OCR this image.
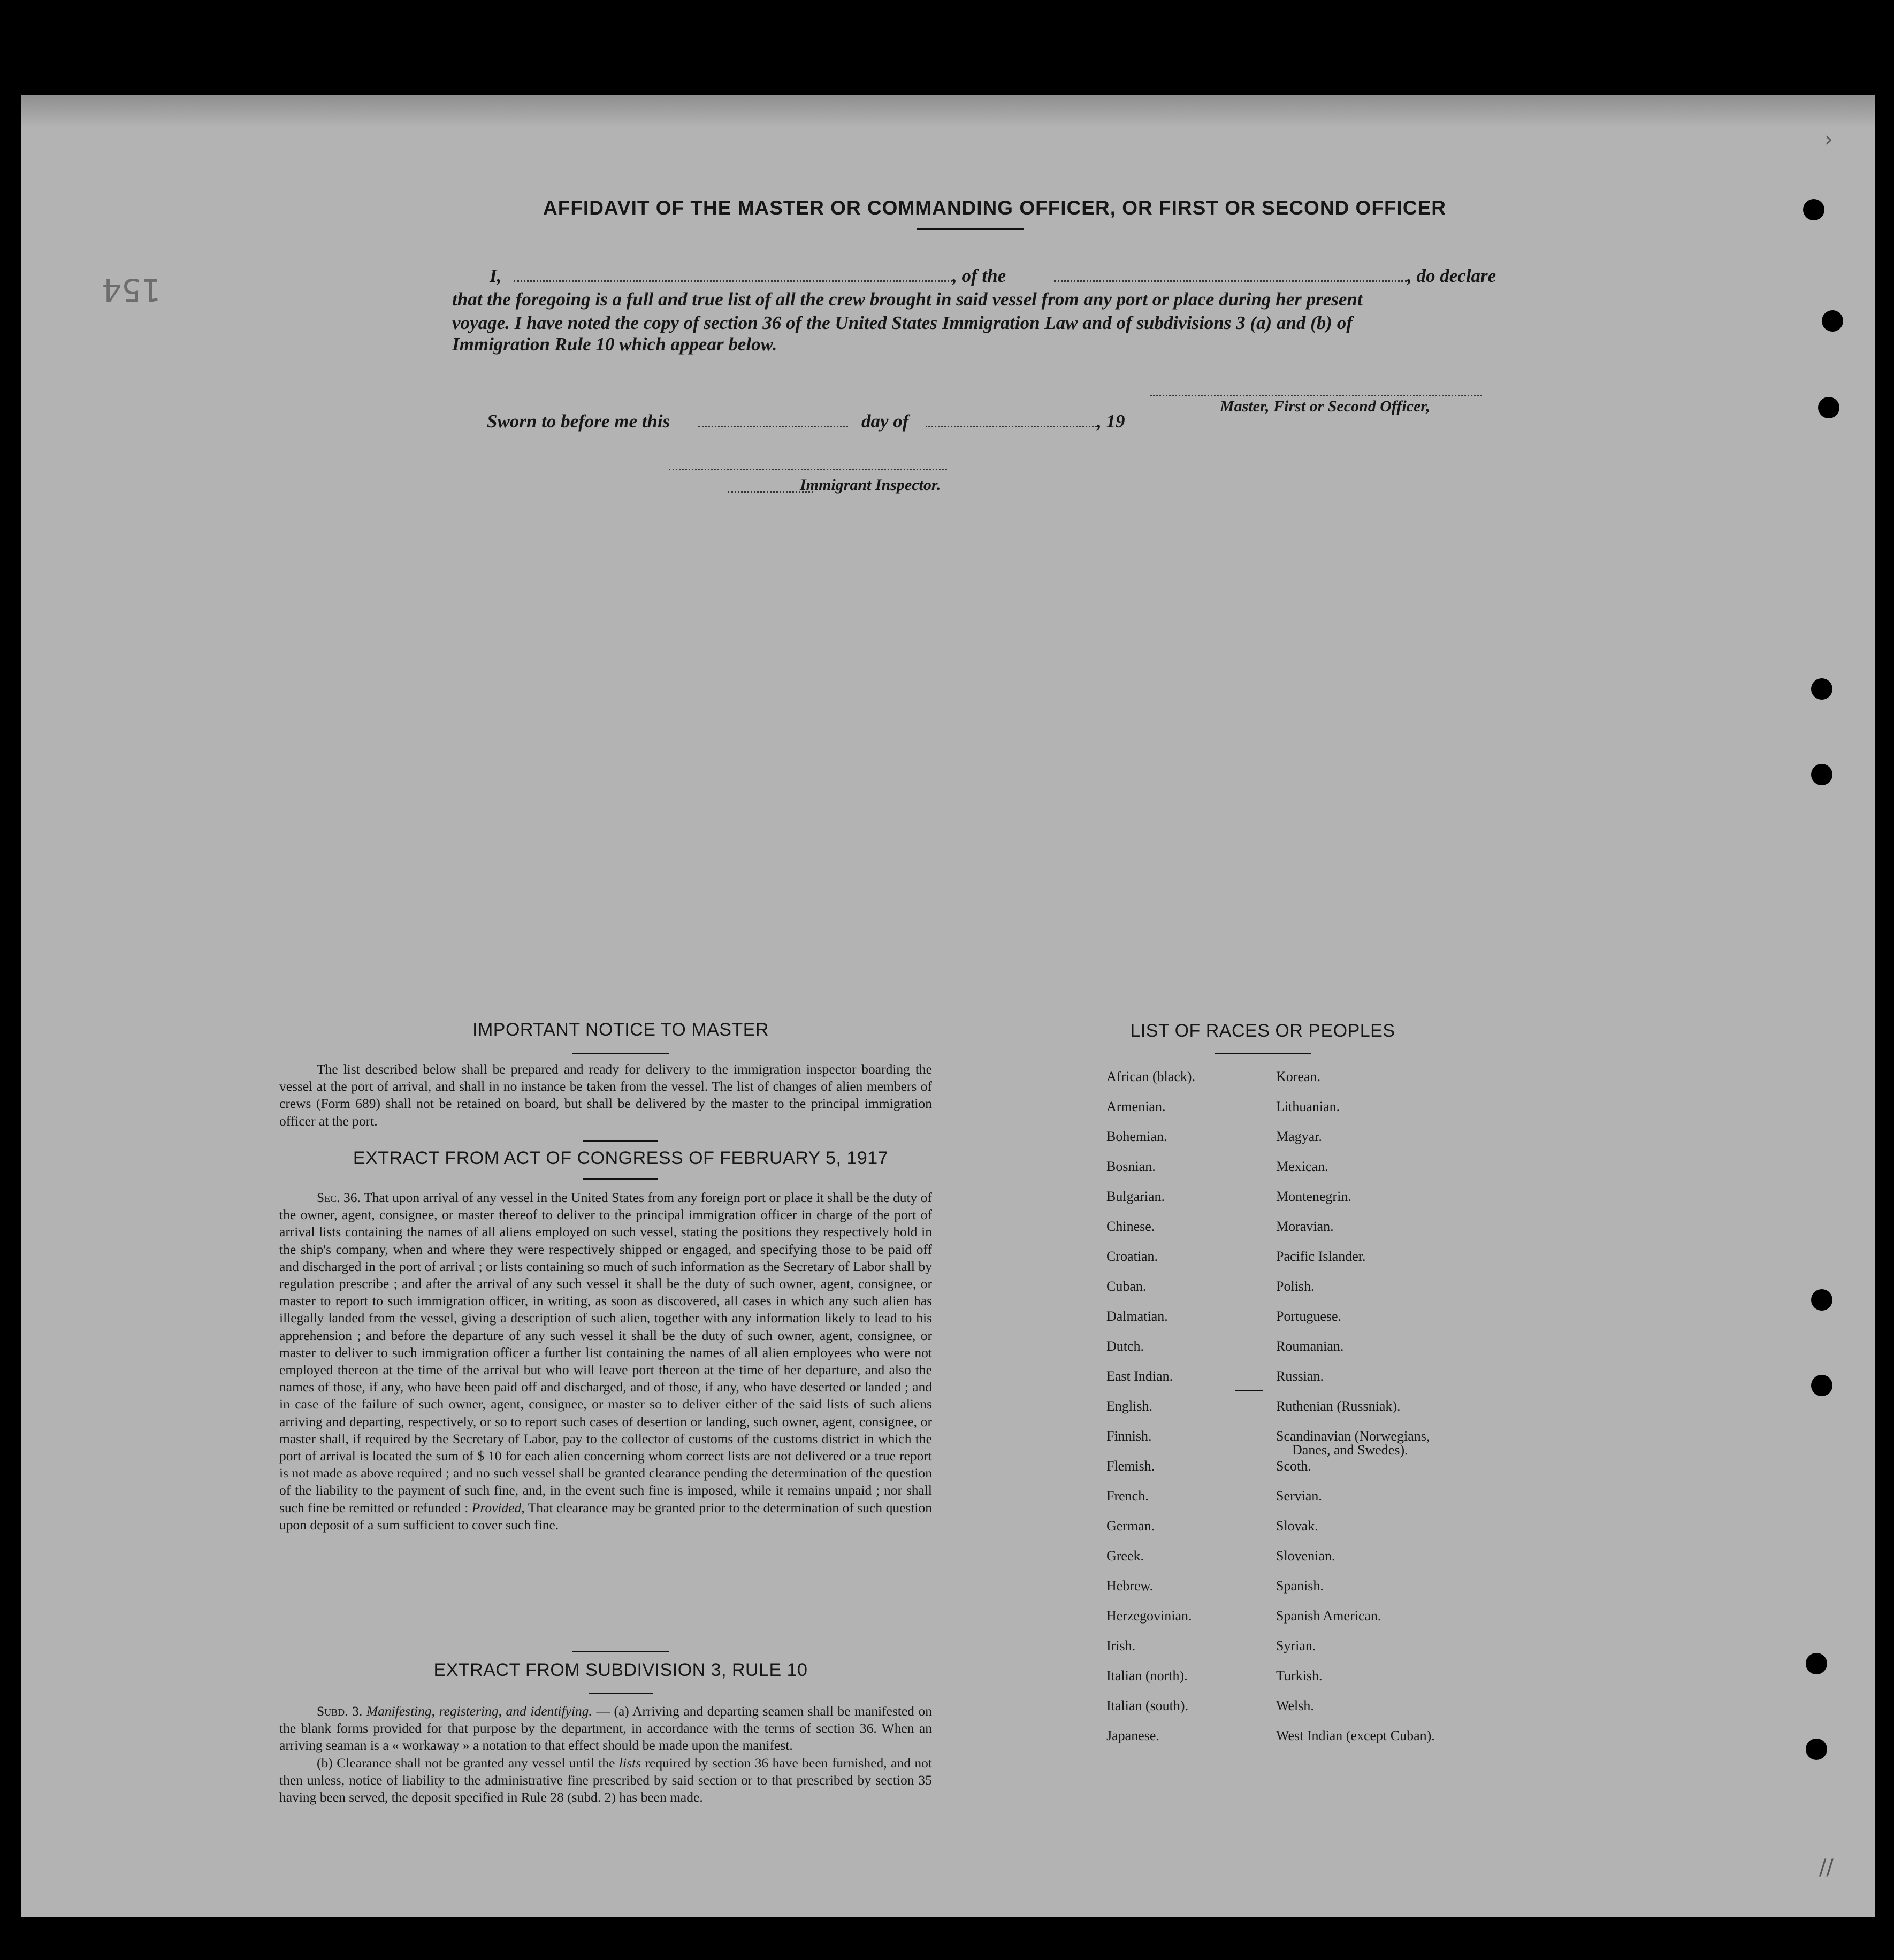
154
AFFIDAVIT OF THE MASTER OR COMMANDING OFFICER, OR FIRST OR SECOND OFFICER
I,	, of the	, do declare
that the foregoing is a full and true list of all the crew brought in said vessel from any port or place during her present
voyage. I have noted the copy of section 36 of the United States Immigration Law and of subdivisions 3 (a) and (b) of
Immigration Rule 10 which appear below.
Master, First or Second Officer,
Sworn to before me this	day of	, 19
Immigrant Inspector.
IMPORTANT NOTICE TO MASTER

The list described below shall be prepared and ready for delivery to the immigration inspector boarding the vessel at the port of arrival, and shall in no instance be taken from the vessel. The list of changes of alien members of crews (Form 689) shall not be retained on board, but shall be delivered by the master to the principal immigration officer at the port.

EXTRACT FROM ACT OF CONGRESS OF FEBRUARY 5, 1917

Sec. 36. That upon arrival of any vessel in the United States from any foreign port or place it shall be the duty of the owner, agent, consignee, or master thereof to deliver to the principal immigration officer in charge of the port of arrival lists containing the names of all aliens employed on such vessel, stating the positions they respectively hold in the ship's company, when and where they were respectively shipped or engaged, and specifying those to be paid off and discharged in the port of arrival ; or lists containing so much of such information as the Secretary of Labor shall by regulation prescribe ; and after the arrival of any such vessel it shall be the duty of such owner, agent, consignee, or master to report to such immigration officer, in writing, as soon as discovered, all cases in which any such alien has illegally landed from the vessel, giving a description of such alien, together with any information likely to lead to his apprehension ; and before the departure of any such vessel it shall be the duty of such owner, agent, consignee, or master to deliver to such immigration officer a further list containing the names of all alien employees who were not employed thereon at the time of the arrival but who will leave port thereon at the time of her departure, and also the names of those, if any, who have been paid off and discharged, and of those, if any, who have deserted or landed ; and in case of the failure of such owner, agent, consignee, or master so to deliver either of the said lists of such aliens arriving and departing, respectively, or so to report such cases of desertion or landing, such owner, agent, consignee, or master shall, if required by the Secretary of Labor, pay to the collector of customs of the customs district in which the port of arrival is located the sum of $ 10 for each alien concerning whom correct lists are not delivered or a true report is not made as above required ; and no such vessel shall be granted clearance pending the determination of the question of the liability to the payment of such fine, and, in the event such fine is imposed, while it remains unpaid ; nor shall such fine be remitted or refunded : Provided, That clearance may be granted prior to the determination of such question upon deposit of a sum sufficient to cover such fine.

EXTRACT FROM SUBDIVISION 3, RULE 10

Subd. 3. Manifesting, registering, and identifying. — (a) Arriving and departing seamen shall be manifested on the blank forms provided for that purpose by the department, in accordance with the terms of section 36. When an arriving seaman is a « workaway » a notation to that effect should be made upon the manifest.

(b) Clearance shall not be granted any vessel until the lists required by section 36 have been furnished, and not then unless, notice of liability to the administrative fine prescribed by said section or to that prescribed by section 35 having been served, the deposit specified in Rule 28 (subd. 2) has been made.

LIST OF RACES OR PEOPLES
African (black).
Armenian.
Bohemian.
Bosnian.
Bulgarian.
Chinese.
Croatian.
Cuban.
Dalmatian.
Dutch.
East Indian.
English.
Finnish.
Flemish.
French.
German.
Greek.
Hebrew.
Herzegovinian.
Irish.
Italian (north).
Italian (south).
Japanese.
Korean.
Lithuanian.
Magyar.
Mexican.
Montenegrin.
Moravian.
Pacific Islander.
Polish.
Portuguese.
Roumanian.
Russian.
Ruthenian (Russniak).
Scandinavian (Norwegians,
Danes, and Swedes).
Scoth.
Servian.
Slovak.
Slovenian.
Spanish.
Spanish American.
Syrian.
Turkish.
Welsh.
West Indian (except Cuban).
›
//
